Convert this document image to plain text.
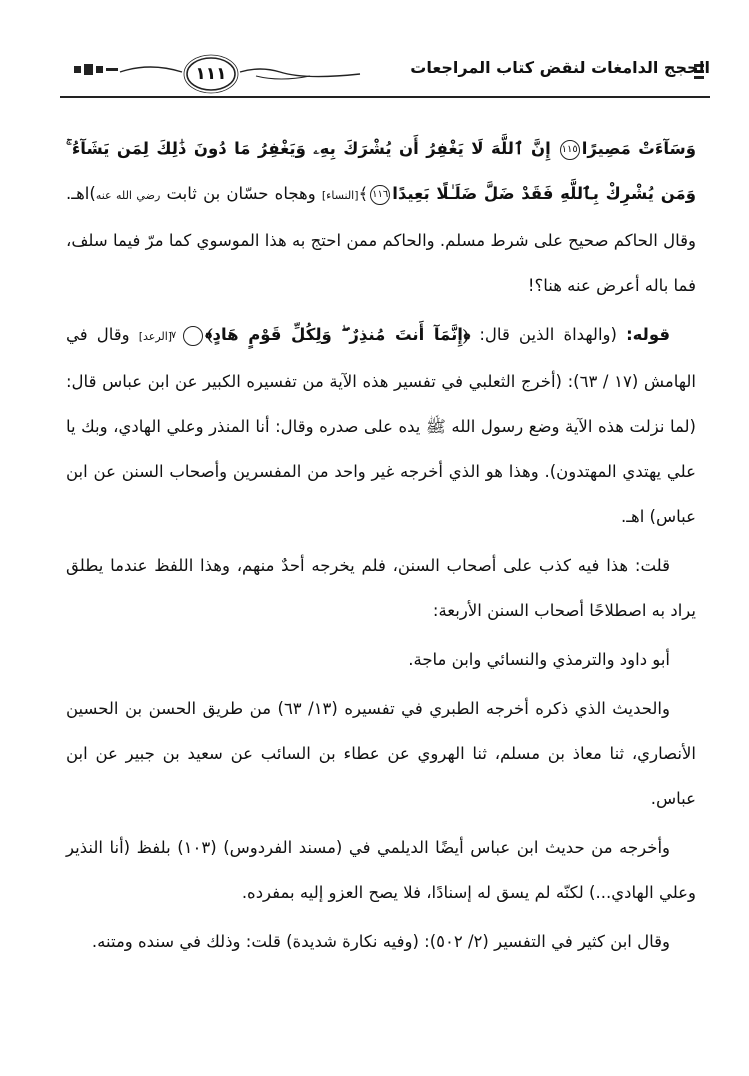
١١١	الحجج الدامغات لنقض كتاب المراجعات

وَسَآءَتْ مَصِيرًا١١٥ إِنَّ ٱللَّهَ لَا يَغْفِرُ أَن يُشْرَكَ بِهِۦ وَيَغْفِرُ مَا دُونَ ذَٰلِكَ لِمَن يَشَآءُ ۚ وَمَن يُشْرِكْ بِٱللَّهِ فَقَدْ ضَلَّ ضَلَـٰلًا بَعِيدًا١١٦﴾[النساء] وهجاه حسّان بن ثابت رضي الله عنه)اهـ. وقال الحاكم صحيح على شرط مسلم. والحاكم ممن احتج به هذا الموسوي كما مرّ فيما سلف، فما باله أعرض عنه هنا؟!

قوله: (والهداة الذين قال: ﴿إِنَّمَآ أَنتَ مُنذِرٌ ۖ وَلِكُلِّ قَوْمٍ هَادٍ﴾٧ [الرعد] وقال في الهامش (١٧ / ٦٣): (أخرج الثعلبي في تفسير هذه الآية من تفسيره الكبير عن ابن عباس قال: (لما نزلت هذه الآية وضع رسول الله ﷺ يده على صدره وقال: أنا المنذر وعلي الهادي، وبك يا علي يهتدي المهتدون). وهذا هو الذي أخرجه غير واحد من المفسرين وأصحاب السنن عن ابن عباس) اهـ.

قلت: هذا فيه كذب على أصحاب السنن، فلم يخرجه أحدٌ منهم، وهذا اللفظ عندما يطلق يراد به اصطلاحًا أصحاب السنن الأربعة:

أبو داود والترمذي والنسائي وابن ماجة.

والحديث الذي ذكره أخرجه الطبري في تفسيره (١٣/ ٦٣) من طريق الحسن بن الحسين الأنصاري، ثنا معاذ بن مسلم، ثنا الهروي عن عطاء بن السائب عن سعيد بن جبير عن ابن عباس.

وأخرجه من حديث ابن عباس أيضًا الديلمي في (مسند الفردوس) (١٠٣) بلفظ (أنا النذير وعلي الهادي...) لكنّه لم يسق له إسنادًا، فلا يصح العزو إليه بمفرده.

وقال ابن كثير في التفسير (٢/ ٥٠٢): (وفيه نكارة شديدة) قلت: وذلك في سنده ومتنه.
